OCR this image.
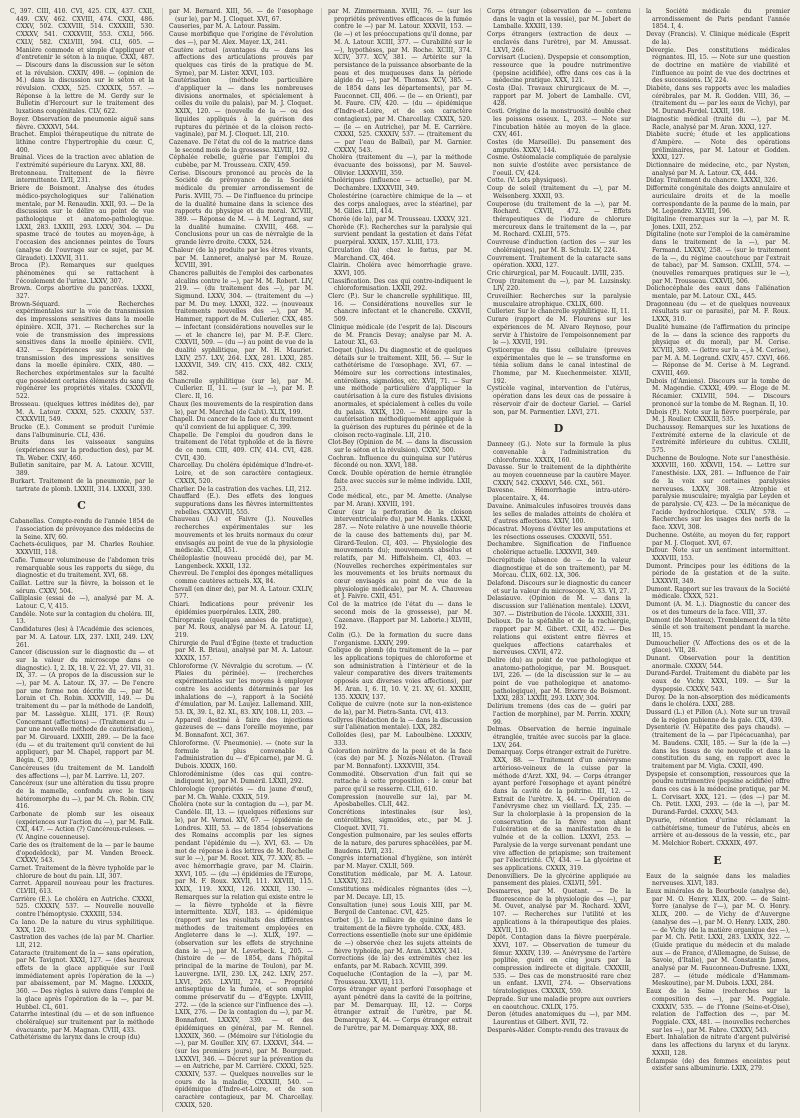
C, 397. CIII, 410. CVI, 425. CIX, 437. CXII, 449. CXV, 462. CXVIII, 474. CXXI, 486. CXXV, 502. CXXVIII, 514. CXXXIII, 530. CXXXV, 541. CXXXVIII, 553. CXLI, 566. CXLV, 582. CXLVIII, 594. CLI, 605. — Manière commode et simple d'appliquer et d'entretenir le séton à la nuque. CXXI, 487. — Discours dans la discussion sur le séton et la révulsion. CXXIV, 498. — (opinion de M.) dans la discussion sur le séton et la révulsion. CXXX, 525. CXXXIX, 557. — Réponse à la lettre de M. Gerdy sur le Bulletin d'Hercourt sur le traitement des luxations congénitales. CLV, 622.

Boyer. Observation de pneumonie aiguë sans fièvre. CXXXVI, 544.

Brachet. Emploi thérapeutique du nitrate de lithine contre l'hypertrophie du cœur. C, 400.

Brainal. Vices de la traction avec ablation de l'extrémité supérieure du Larynx. XXI, 88.

Bretonneau. Traitement de la fièvre intermittente. LVII, 231.

Briere de Boismont. Analyse des études médico-psychologiques sur l'aliénation mentale, par M. Renaudin. XXII, 93. — De la discussion sur le délire au point de vue pathologique et anatomo-pathologique. LXXI, 283. LXXIII, 293. LXXV, 304. — Du spasme tracé de toutes au moyen-âge, à l'occasion des anciennes peintes de Tours (analyse de l'ouvrage sur ce sujet, par M. Giraudet). LXXVII, 311.

Broca (P.). Remarques sur quelques phénomènes qui se rattachent à l'écoulement de l'urine. LXXV, 307.

Brown. Corps abortive du pancréas. LXXXI, 327.

Brown-Séquard. — Recherches expérimentales sur la voie de transmission des impressions sensitives dans la moelle épinière. XCII, 371. — Recherches sur la voie de transmission des impressions sensitives dans la moelle épinière. CVII, 432. — Expériences sur la voie de transmission des impressions sensitives dans la moelle épinière. CXIX, 480. — Recherches expérimentales sur la faculté que possèdent certains éléments du sang de régénérer les propriétés vitales. CXXXVII, 522.

Brosseau. (quelques lettres inédites de), par M. A. Latour. CXXXI, 525. CXXXIV, 537. CXXXVIII, 549.

Brucke (E.). Comment se produit l'urémie dans l'albuminurie. CLI, 436.

Bruits dans les vaisseaux sanguins (expériences sur la production des), par M. Th. Weber. CXIV, 460.

Bulletin sanitaire, par M. A. Latour. XCVIII, 389.

Burkart. Traitement de la pneumonie, par le tartrate de plomb. LXXIII, 314. LXXXII, 330.

C

Cabanellas. Compte-rendu de l'année 1854 de l'association de prévoyance des médecins de la Seine. XIV, 60.

Cachets-éculiques, par M. Charles Rouhier. XXXVIII, 118.

Cafie. Tumeur volumineuse de l'abdomen très remarquable sous les rapports du siège, du diagnostic et du traitement. XVI, 68.

Caillat. Lettre sur la fièvre, la boisson et le sérum. CXXV, 504.

Calliplasie (essai de —), analysé par M. A. Latour. C, V, 415.

Candèle. Note sur la contagion du choléra. III, 13.

Candidatures (les) à l'Académie des sciences, par M. A. Latour. LIX, 237. LXII, 249. LXV, 261.

Cancer (discussion sur le diagnostic du — et sur la valeur du microscope dans ce diagnostic). I, 2. IX, 18. V, 22. VI, 27. VII, 31. IX, 37. — (A propos de la discussion sur le —), par M. A. Latour. IX, 37. — De l'encre par une forme non décrite du —, par M. Lorain et Ch. Robin. XXXVIII, 149. — Du traitement du — par la méthode de Landolfi, par M. Lassègue. XLIII, 171. (F. Roux) Concernant (affections) — (Traitement du — par une nouvelle méthode de cautérisation), par M. Girouard. LXXIII, 289. — De la face (du — et du traitement qu'il convient de lui appliquer), par M. Chapel, rapport par M. Bégin. C, 399.

Cancéreuses (du traitement de M. Landolfi des affections —), par M. Larrive. LI, 207.

Cancéreux (sur une altération du tissu propre de la mamelle, confondu avec le tissu hétéromorphe du —), par M. Ch. Robin. CIV, 416.

Carbonate de plomb sur les oiseaux (expériences sur l'action du —), par M. Falk. CXI, 447. — Action (?) Cancéreux-ruleses. — (V. Angine couenneuse).

Carie des os (traitement de la — par le baume d'opodeldock), par M. Vanden Broeck. CXXXV, 543.

Carnet. Traitement de la fièvre typhoïde par le chlorure de bout du pain. LII, 307.

Carret. Appareil nouveau pour les fractures. CLVIII, 613.

Carrière (E.). Le choléra en Autriche. CXXXI, 525. CXXXIV, 537. — Nouvelle nouvelle contre l'hémoptysie. CXXXIII, 534.

Ca lano. De la nature du virus syphilitique. XXX, 120.

Castration des vaches (de la) par M. Charlier. LII, 212.

Cataracte (traitement de la — sans opération, par M. Tavignot. XXXI, 127. — (des heureux effets de la glace appliquée sur l'œil immédiatement après l'opération de la —) par abaissement, par M. Magne. LXXXIX, 360. — Des règles à suivre dans l'emploi de la glace après l'opération de la —, par M. Hubbel. CL, 601.

Catarrhe intestinal (du — et de son influence choléraïque) sur traitement par la méthode évacuante, par M. Magnan. CVIII, 433.

Cathétérisme du larynx dans le croup (du)

par M. Bernard. XIII, 56. — de l'œsophage (sur le), par M. J. Cloquet. XVI, 67.

Causeries, par M. A. Latour. Passim.

Cause morbifique que l'origine de l'évolution des —), par M. Alex. Mayer. LX, 241.

Cautère actuel (avantages du — dans les affections des articulations prouvés par quelques cas tirés de la pratique de M. Syme), par M. Lister. XXVI, 103.

Cautérisation (méthode particulière d'appliquer la — dans les nombreuses divisions anormales, et spécialement à celles du voile du palais), par M. J. Cloquet. XXIX, 120. — (nouvelle de la — ou des liquides appliqués à la guérison des ruptures du périnée et de la cloison recto-vaginale), par M. J. Cloquet. LII, 210.

Cazenave. De l'état du col de la matrice dans le second mois de la grossesse. XLVIII, 192.

Céphalée rebelle, guérie par l'emploi du cubèbe, par M. Trousseau. CXIV, 459.

Cerise. Discours prononcé au procès de la Société de prévoyance de la Société médicale du premier arrondissement de Paris. XVIII, 75. — De l'influence du principe de la dualité humaine dans la science des rapports du physique et du moral. XCVIII, 389. — Réponse de M. — à M. Legrand, sur la dualité humaine. CXVIII, 468. — Conclusions pour un cas de névralgie de la grande lèvre droite. CXXX, 524.

Chaleur (de la) produite par les êtres vivants, par M. Lanneret, analysé par M. Rouze. XCVIII, 391.

Chancres palluités de l'emploi des carbonates alcalins contre le —), par M. M. Robert. LIV, 219. — (du traitement des —), par M. Sigmund. LXXV, 304. — (traitement du —) par M. Du mey. LXXXI, 322. — (nouveaux traitements nouvelles des —), par M. Hammer, rapport de M. Cullerier. CXX, 485. — infectant (considérations nouvelles sur le — et le chancre le), par M. P.-F. Clerc. CXXVII, 509. — (du —) au point de vue de la dualité syphilitique, par M. H. Mauriet. LXIV, 257. LXV, 264. LXX, 281. LXXI, 285. LXXXVII, 349. CIV, 415. CXX, 482. CXLV, 582.

Chancrelle syphilitique (sur le), par M. Cullerier. II, 11. — (sur le —), par M. P. Clerc. II, 16.

Chaux (les mouvements de la respiration dans le), par M. Marchal (de Calvi). XLIX, 199.

Chapell. Du cancer de la face et du traitement qu'il convient de lui appliquer. C, 399.

Chapelle. De l'emploi du goudron dans le traitement de l'état typhoïde et de la fièvre de ce nom. CIII, 409. CIV, 414. CVI, 428. CVII, 430.

Charcellay. Du choléra épidémique d'Indre-et-Loire, et de son caractère contagieux. CXXIX, 520.

Charlier. De la castration des vaches. LII, 212.

Chauffard (E.). Des effets des longues suppurations dans les fièvres intermittentes rebelles. CXXXVIII, 555.

Chauveau (A.) et Faivre (J.). Nouvelles recherches expérimentales sur les mouvements et les bruits normaux du cœur envisagés au point de vue de la physiologie médicale. CXII, 451.

Chéiloplastie (nouveau procédé de), par M. Langenbeck. XXXII, 132.

Chevreul. De l'emploi des éponges métalliques comme cautères actuels. XX, 84.

Chevall (en diner de), par M. A. Latour. CXLIV, 577.

Chiari. Indications pour prévenir les épidémies puerpérales. LXIX, 280.

Chiropraxie (quelques années de pratique), par M. Roux, analysé par M. A. Latour. LI, 219.

Chirurgie de Paul d'Égine (texte et traduction par M. R. Briau), analysé par M. A. Latour. XXXIX, 157.

Chloroforme (V. Névralgie du scrotum. — (V. Plaies du périnée). — (recherches expérimentales sur les moyens à employer contre les accidents déterminés par les inhalations de —), rapport à la Société d'émulation, par M. Laujez. Lallemand. XIII, 53. IX, 39. L, 82. XL, 83. XIV, 108. LI, 203. — Appareil destiné à faire des injections gazeuses de — dans l'oreille moyenne, par M. Bonnafont. XCI, 367.

Chloroforme. (V. Pneumonie). — (note sur la formule la plus convenable à l'administration du — d'Epicarne), par M. G. Dubois. XXXIX, 160.

Chlorodéminisme (des cas qui contre-indiquent le), par M. Duméril. LXXII, 292.

Chlorologie (propriétés — du jaune d'œuf), par M. Ch. Wahle. CXXIX, 519.

Choléra (note sur la contagion du —), par M. Candèle. III, 13. — (quelques réflexions sur le), par M. Vernoi. XIV, 67. — (épidémie de Londres. XIII, 53. — de 1854 (observations des Romains accomplis par les signes pendant l'épidémie du —). XVI, 63. — Un mot de réponse à des lettres de M. Rochelle sur le —), par M. Rocet. XIX, 77. XXV, 85. — avec hémorrhagie grave, par M. Clairin. XXVI, 105. — (du —) épidémies de l'Europe, par M. F. Roux. XXVII, 111. XXVIII, 115. XXIX, 119. XXXI, 126. XXXII, 130. — Remarques sur la relation qui existe entre le — la fièvre typhoïde et la fièvre intermittente. XLVI, 183. — épidémique (rapport sur les résultats des différentes méthodes de traitement employées en Angleterre dans le —). XLIX, 197. — (observation sur les effets de strychnine dans le —), par M. Leverbeck. L, 205. — (histoire de — de 1854, dans l'hôpital principal de la marine de Toulon), par M. Lauvergne. LVII, 230. LX, 242. LXIV, 257. LXVI, 265. LXVIII, 274. — Propriété antiseptique de la fumée, et son emploi comme préservatif du — d'Egypte. LXVIII, 272. — (de la science sur l'influence des —). LXIX, 276. — De la contagion du —), par M. Bonnafont. LXXXV, 339. — et des épidémiques en général, par M. Rennel. LXXXIX, 360. — (Mémoire sur l'étiologie du —), par M. Gouller. XIV, 67. LXXXVI, 344. — (sur les premiers jours), par M. Bourguet. LXXXVI, 346. — Décret sur la prévention du — en Autriche, par M. Carrière. CXXXI, 525. CXXXIV, 537. — Quelques nouvelles sur le cours de la maladie, CXXXIII, 540. — épidémique d'Indre-et-Loire, et de son caractère contagieux, par M. Charcellay. CXXIX, 520.

par M. Zimmermann. XVIII, 76. — (sur les propriétés préventives efficaces de la fumée contre le —) par M. Latour. XXXVII, 153. — (le —) et les préoccupations qu'il donne, par M. A. Latour. XCIII, 377. — Curabilité sur le —), hypothèses, par M. Roche. XCIII, 374. XCIV, 377. XCV, 381. — Artérite sur la persistance de la puissance absorbante de la peau et des muqueuses dans la période algide du —), par M. Thomas. XCV, 385. — de 1854 dans les départements), par M. Fauconnet. CII, 406. — (le — en Orient), par M. Faure. CIV, 420. — (du — épidémique d'Indre-et-Loire, et de son caractère contagieux), par M. Charcellay. CXXIX, 520. — (le — en Autriche), par M. E. Carrière. CXXXI, 525. CXXXIV, 537. — (traitement du — par l'eau de Balbaï), par M. Garnier. CXXXV, 543.

Choléra (traitement du —), par la méthode évacuante des boissons), par M. Sauvel-Olivier. LXXXVIII, 359.

Cholériques (influence — actuelle), par M. Dechambre. LXXXVIII, 349.

Cholestérine (caractère chimique de la — et des corps analogues, avec la stéarine), par M. Gilles. LIII, 414.

Chorée (de la), par M. Trousseau. LXXXV, 321.

Chorède (F.). Recherches sur la paralysie qui survient pendant la gestation et dans l'état puerpéral. XXXIX, 157. XLIII, 173.

Circulation (la) chez le fœtus, par M. Marchand. CX, 464.

Clairin. Choléra avec hémorrhagie grave. XXVI, 105.

Classification. Des cas qui contre-indiquent le chloroformisation. LXXII, 292.

Clerc (P.). Sur le chancrelle syphilitique. III, 16. — Considérations nouvelles sur le chancre infectant et le chancrelle. CXXVII, 509.

Clinique médicale (de l'esprit de la). Discours de M. Francis Devay; analyse par M. A. Latour. XL, 63.

Cloquet (Jules). Du diagnostic et de quelques détails sur le traitement. XIII, 56. — Sur le cathétérisme de l'œsophage. XVI, 67. — Mémoire sur les corrections intestinales, entéroliens, sigmoïdes, etc. XVII, 71. — Sur une méthode particulière d'appliquer la cautérisation à la cure des fistules divisions anormales, et spécialement à celles du voile du palais. XXIX, 120. — Mémoire sur la cautérisation méthodiquement appliquée à la guérison des ruptures du périnée et de la cloison recto-vaginale. LII, 210.

Clot-Bey (Opinion de M. — dans la discussion sur le séton et la révulsion). CXXV, 500.

Cochran. Influence du quinquina sur l'utérus fécondé ou non. XXVI, 188.

Cœck. Double opération de hernie étranglée faite avec succès sur le même individu. LXII, 253.

Code médical, etc., par M. Amette. (Analyse par M. Aran). XXVIII, 191.

Cœur (sur la perforation de la cloison interventriculaire du), par M. Hanks. LXXXI, 287. — Note relative à une nouvelle théorie de la cause des battements du), par M. Girard-Teulon. CI, 403. — Physiologie des mouvements du); mouvements absolus et relatifs, par M. Hiffelsheim. CI, 403. — (Nouvelles recherches expérimentales sur les mouvements et les bruits normaux du cœur envisagés au point de vue de la physiologie médicale), par M. A. Chauveau et J. Faivre. CXII, 451.

Col de la matrice (de l'état du — dans le second mois de la grossesse), par M. Cazenave. (Rapport par M. Laborie.) XLVIII, 192.

Colin (G.). De la formation du sucre dans l'organisme. LXXIV, 299.

Colique de plomb (du traitement de la — par les applications topiques de chloroforme et son administration à l'intérieur et de la valeur comparative des divers traitements opposés aux diverses voies affections), par M. Aran. I, 6. II, 10. V, 21. XV, 61. XXXIII, 135. XXXIV, 137.

Colique de cuivre (note sur la non-existence de la), par M. Pietra-Santa. CVI, 413.

Collyres (Rédaction de la — dans la discussion sur l'aliénation mentale). LXX, 282.

Colloïdes (les), par M. Laboulbène. LXXXIV, 333.

Coloration noirâtre de la peau et de la face (cas de) par M. J. Nozès-Nélaton. (Travail par M. Bonnafont). LXXXVIII, 354.

Commodité. Observation d'un fait qui se rattache à cette proposition : le cœur bat parce qu'il se resserre. CLII, 610.

Compression (nouvelle sur la), par M. Aposbabelles. CLII, 442.

Concrétions intestinales (sur les), entérolithes, sigmoïdes, etc., par M. J. Cloquet. XVII, 71.

Congestion pulmonaire, par les seules efforts de la nature, des parures sphacélées, par M. Baudens. LVII, 231.

Congrès international d'hygiène, son intérêt par M. Mayer. CXLII, 569.

Constitution médicale, par M. A. Latour. LXXXIV, 321.

Constitutions médicales régnantes (des —), par M. Decaye. LII, 15.

Consultation (une) sous Louis XIII, par M. Bergoil de Cantenac. CVI, 425.

Corbet (J.). Le miliaire de quinine dans le traitement de la fièvre typhoïde. CXX, 483.

Corrections essentielle (note sur une épidémie de —) observée chez les sujets atteints de fièvre typhoïde, par M. Aran. LXXXV, 341.

Corrections (de la) des extrémités chez les enfants, par M. Rabach. XCVIII, 399.

Coqueluche (Contagion de la —), par M. Trousseau. XXVII, 113.

Corps étranger ayant perforé l'œsophage et ayant pénétré dans la cavité de la poitrine, par M. Demarquay. III, 12. — Corps étranger extrait de l'urètre, par M. Demarquay. X, 44. — Corps étranger extrait de l'urètre, par M. Demarquay. XXX, 88.

Corps étranger (observation de — contenu dans le vagin et la vessie), par M. Jobert de Lamballe. XXXIII, 139.

Corps étrangers (extraction de deux — enclavés dans l'urètre), par M. Amussat. LXVI, 266.

Corvisart (Lucien). Dyspepsie et consomption, ressource que la poudre nutrimentive (pepsine acidifiée), offre dans ces cas à la médecine pratique. XXX, 121.

Costa (Da). Travaux chirurgicaux de M. —, rapport par M. Jobert de Lamballe. CVI, 428.

Costi. Origine de la monstruosité double chez les poissons osseux. L, 203. — Note sur l'incubation hâtée au moyen de la glace. CXV, 461.

Costes (de Marseille). Du pansement des amputés. XXXV, 144.

Cosme. Ostéomalacie compliquée de paralysie non suivie d'ostéite avec persistance de l'oeuil. CV, 424.

Cotte. (V. Lots physiques).

Coup de soleil (traitement du —), par M. Welsenberg. XXXII, 93.

Couperose (du traitement de la —), par M. Rochard. CXVII, 472. — Effets thérapeutiques de l'iodure de chlorure mercureux dans le traitement de la —, par M. Rochard. CXLIII, 575.

Couvreuse d'induction (action des — sur les choléraiques), par M. B. Schulz. LV, 224.

Couvrement. Traitement de la cataracte sans opération. XXXI, 127.

Cric chirurgical, par M. Foucault. LVIII, 235.

Croup (traitement du —), par M. Luzsinsky. LIV, 220.

Cruveilhier. Recherches sur la paralysie musculaire atrophique. CXLIX, 600.

Cullerier. Sur le chancrelle syphilitique. II, 11.

Curare (rapport de M. Flourens sur les expériences de M. Alvaro Reynoso, pour servir à l'histoire de l'empoisonnement par le —). XXVII, 191.

Cysticerque du tissu cellulaire (preuves expérimentales que le — se transforme en ténia solium dans le canal intestinal de l'homme, par M. Kuechenmeister. XLVII, 192.

Cysticèle vaginal, intervention de l'utérus, opération dans les deux cas de pessaire à réservoir d'air de docteur Gariel. — Gariel son, par M. Parmentier. LXVI, 271.

D

Danneey (G.). Note sur la formule la plus convenable à l'administration du chloroforme. XXXIX, 160.

Davasse. Sur le traitement de la diphthérite au moyen couenneuse par la cautère Mayer. CXXIV, 542. CXXXVI, 546. CXL, 561.

Davesne. Hémorrhagie intra-utéro-placentaire. X, 44.

Davaine. Animalcules infusoires trouvés dans les selles de malades atteints de choléra et d'autres affections. XXIV, 100.

Décastrat. Moyens d'éviter les amputations et les résections osseuses. CXXXVII, 551.

Dechambre. Signification de l'influence cholérique actuelle. LXXXVII, 349.

Décrépitude (absence de — de la valeur diagnostique et de son traitement), par M. Morcau. CLIX, 602. LX, 306.

Delafond. Discours sur le diagnostic du cancer et sur la valeur du microscope. V, 33. VI, 27.

Delasiauve. (Opinion de M. — dans la discussion sur l'aliénation mentale). LXXVI, 307. — Distribution de l'école. LXXXIII, 331.

Delioux. De la spéfahlie et de la rachiergie, rapport par M. Gibert. CXII, 452. — Des relations qui existent entre fièvres et quelques affections catarrhales et nerveuses. CXVII, 472.

Delire (du) au point de vue pathologique et anatomo-pathologique, par M. Bousquet. LVI, 226. — (de la discussion sur le — au point de vue pathologique et anatomo-pathologique), par M. Brierre de Boismont. LXXI, 283. LXXIII, 293. LXXV, 304.

Delirium tremens (des cas de — guéri par l'action de morphine), par M. Perrin. XXXIV, 99.

Delmas. Observation de hernie inguinale étranglée, traitée avec succès par la glace. LXV, 264.

Demarquay. Corps étranger extrait de l'urètre. XXX, 88. — Traitement d'un anévrysme artérioso-veineux de la cuisse par la méthode d'Arzt. XXI, 94. — Corps étranger ayant perforé l'œsophage et ayant pénétré dans la cavité de la poitrine. III, 12. — Extrait de l'urètre. X, 44. — Opération de l'anévrysme chez un vieillard. LX, 235. — Sur la cholorplasie à la propension de la conservation de la fièvre non ahant l'ulcération et de sa manifestation du le vulnée et de la collion. LXXVI, 253. — Paralysie de la verge survenant pendant une vive affection de priapisme; son traitement par l'électricité. CV, 434. — La glycérine et ses applications. CXXIX, 319.

Denonvilliers. De la glycérine appliquée au pansement des plaies. CXLVII, 591.

Desmarres, par M. Quetant. — De la fluorescence de la physiologie des —), par M. Ouvet, analysé par M. Rochard. XXVI, 107. — Recherches sur l'utilité et les applications à la thérapeutique des plaies. XXVII, 110.

Dépôt. Contagion dans la fièvre puerpérale. XXVI, 107. — Observation de tumeur du fémur. XXXIV, 139. — Anévrysme de l'artère poplitée, guéri en cinq jours par la compression indirecte et digitale. CXXXIII, 535. — Des cas de monstruosité rare chez un enfant. LXVII, 274. — Observations tératologiques. CXXXIX, 559.

Deprade. Sur une maladie propre aux ouvriers en caoutchouc. CXLIX, 175.

Deron (études anatomiques du —), par MM. Laurentius et Gilbert. XVII, 72.

Desparès-Alder. Compte-rendu des travaux de

la Société médicale du premier arrondissement de Paris pendant l'année 1854. I, 4.

Devay (Francis). V. Clinique médicale (Esprit de la).

Dévergie. Des constitutions médicales régnantes. III, 15. — Note sur une question de doctrine en matière de viabilité et l'influence au point de vue des doctrines et des successions. LV, 224.

Diabète, dans ses rapports avec les maladies cérébrales, par M. R. Godden. VIII, 36, — (traitement du — par les eaux de Vichy), par M. Durand-Fardel. LXXII, 198.

Diagnostic médical (traité du —), par M. Racle, analysé par M. Aran. XXXI, 127.

Diabète sucré; étude et les applications d'Ampère. — Note des opérations préliminaires, par M. Latour et Godden. XXXI, 127.

Dictionnaire de médecine, etc., par Nysten, analysé par M. A. Latour. CX, 444.

Diday. Traitement du chancre. LXXXI, 326.

Difformité congénitale des doigts annulaire et auriculaire droits et de la moelle correspondante de la paume de la main, par M. Legendre. XLVIII, 196.

Digitaline (remarques sur la —), par M. R. Jones. LXII, 252.

Digitaline (note sur l'emploi de la caméramine dans le traitement de la —), par M. Fermand. LXXXV, 258. — (sur le traitement de la —, du régime caoutchouc par l'extrait de tabac), par M. Samson. CXLIII, 574. — (nouvelles remarques pratiques sur le —), par M. Trousseau. CXXVII, 506.

Dolichocéphale des eaux dans l'aliénation mentale, par M. Latour. CXL, 445.

Dragonneau (du — et de quelques nouveaux résultats sur ce parasite), par M. F. Roux. LXXX, 310.

Dualité humaine (de l'affirmation du principe de la — dans la science des rapports du physique et du moral), par M. Cerise. XCVIII, 389. — (lettre sur la —, à M. Cerise), par M. A. M. Legrand. CXIV, 457. CXVI, 466. — Réponse de M. Cerise à M. Legrand. CXVIII, 469.

Dubois (d'Amiens). Discours sur la tombe de M. Magendie. CXXXI, 499. — Éloge de M. Récamier. CXLVIII, 594. — Discours prononcé sur la tombe de M. Regnan. II, 10.

Dubois (P.). Note sur la fièvre puerpérale, par M. J. Roulier. CXXXIII, 535.

Duchaussoy. Remarques sur les luxations de l'extrémité externe de la clavicule et de l'extrémité inférieure du cubitus. CXLIII, 575.

Duchenne de Boulogne. Note sur l'anesthésie. XXXVIII, 160. XXXVII, 154. — Lettre sur l'anesthésie. LXX, 281. — Influence de l'air de la voix sur certaines paralysies nerveuses. LXXV, 308. — Atrophie et paralysie musculaire; myalgia par Leyden et de paralysie. CV, 423. — De la mécanique de l'acide hydrochlorique. CXLIV, 578. — Recherches sur les usages des nerfs de la face. XXVI, 308.

Duchenne. Ostéite, au moyen du fer, rapport par M. J. Cloquet. XVI, 67.

Dufour. Note sur un sentiment intermittent. XXXVIII, 153.

Dumont. Principes pour les éditions de la période de la gestation et de la suite. LXXXVII, 349.

Dumont. Rapport sur les travaux de la Société médicale. CXXX, 521.

Dumont (A. M. L.). Diagnostic du cancer des os et des tumeurs de la face. VIII, 37.

Dumont (de Monteux). Tremblement de la tête sénile et son traitement pendant la marche. III, 15.

Dumouchelier (V. Affections des os et de la glace). VII, 28.

Dunant. Observation pour la dentition anormale. CXXXV, 544.

Durand-Fardel. Traitement du diabète par les eaux de Vichy. XXXI, 109. — Sur la dyspepsie. CXXXV, 543.

Duroy. De la non-absorption des médicaments dans le choléra. LXXI, 288.

Dussard (L.) et Pillon (A.). Note sur un travail de la région pubienne de la gale. CIX, 439.

Dysenterie (V. Hépatite des pays chauds). — (traitement de la — par l'ipécacuanha), par M. Baudens. CXII, 185. — Sur la (de la —) dans les tissus de vie nouvelle et dans la constitution du sang, en rapport avec le traitement par M. Vigla. CXXII, 490.

Dyspepsie et consomption, ressources que la poudre nutrimentive (pepsine acidifiée) offre dans ces cas à la médecine pratique, par M. L. Corvisart. XXX, 121. — (des —) par M. Ch. Petit. LXXI, 293. — (de la —), par M. Durand-Fardel. CXXXV, 543.

Dysurie, rétention d'urine réclamant la cathétérisme, tumeur de l'utérus, abcès en arrière et au-dessous de la vessie, etc., par M. Melchior Robert. CXXXIX, 497.

E

Eaux de la saignée dans les maladies nerveuses. XLVI, 183.

Eaux minérales de la Bourboule (analyse de), par M. O. Henry. XLIX, 200. — de Saint-Yorre (analyse de l'—), par M. O. Henry. XLIX, 200. — de Vichy de d'Auvergne (analyse des —), par M. O. Henry. LXIX, 280. — de Vichy (de la matière organique des —), par M. Ch. Petit. LXXI, 283. LXXIX, 322. — (Guide pratique du médecin et du malade aux — de France, d'Allemagne, de Suisse, de Savoie, d'Italie), par M. Constantin James, analysé par M. Fauconneau-Dufresne. LXXI, 287. — (étude médicale d'Hammam-Meskoutine), par M. Dubois. LXXI, 284.

Eaux de la Seine (recherches sur la composition des —), par M. Poggiale. CXXXIV, 535. — de l'Yonne (Seine-et-Oise), relation de l'affection des —, par M. Poggiale. CXX, 481. — (nouvelles recherches sur les —), par M. Fabre. CXXXV, 543.

Ebert. Inhalation de nitrate d'argent pulvérisé dans les affections du larynx et du larynx. XXXII, 128.

Éclampsie (de) des femmes enceintes peut exister sans albuminurie. LXIX, 279.
